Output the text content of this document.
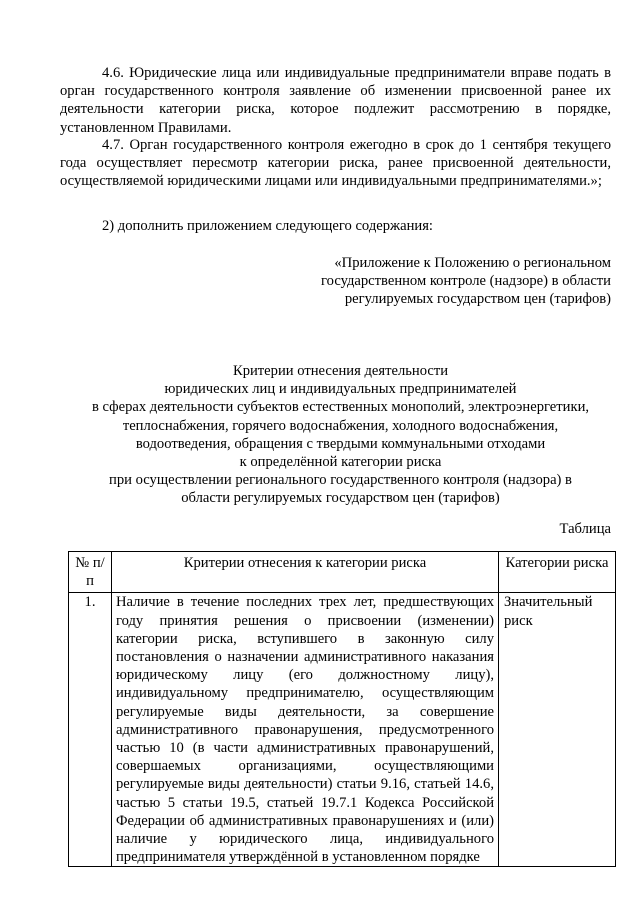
4.6. Юридические лица или индивидуальные предприниматели вправе подать в орган государственного контроля заявление об изменении присвоенной ранее их деятельности категории риска, которое подлежит рассмотрению в порядке, установленном Правилами.

4.7. Орган государственного контроля ежегодно в срок до 1 сентября текущего года осуществляет пересмотр категории риска, ранее присвоенной деятельности, осуществляемой юридическими лицами или индивидуальными предпринимателями.»;

2) дополнить приложением следующего содержания:

«Приложение к Положению о региональном
государственном контроле (надзоре) в области
регулируемых государством цен (тарифов)
Критерии отнесения деятельности
юридических лиц и индивидуальных предпринимателей
в сферах деятельности субъектов естественных монополий, электроэнергетики,
теплоснабжения, горячего водоснабжения, холодного водоснабжения,
водоотведения, обращения с твердыми коммунальными отходами
к определённой категории риска
при осуществлении регионального государственного контроля (надзора) в
области регулируемых государством цен (тарифов)
Таблица
№ п/п	Критерии отнесения к категории риска	Категории риска
1.	Наличие в течение последних трех лет, предшествующих году принятия решения о присвоении (изменении) категории риска, вступившего в законную силу постановления о назначении административного наказания юридическому лицу (его должностному лицу), индивидуальному предпринимателю, осуществляющим регулируемые виды деятельности, за совершение административного правонарушения, предусмотренного частью 10 (в части административных правонарушений, совершаемых организациями, осуществляющими регулируемые виды деятельности) статьи 9.16, статьей 14.6, частью 5 статьи 19.5, статьей 19.7.1 Кодекса Российской Федерации об административных правонарушениях и (или) наличие у юридического лица, индивидуального предпринимателя утверждённой в установленном порядке	Значительный риск
